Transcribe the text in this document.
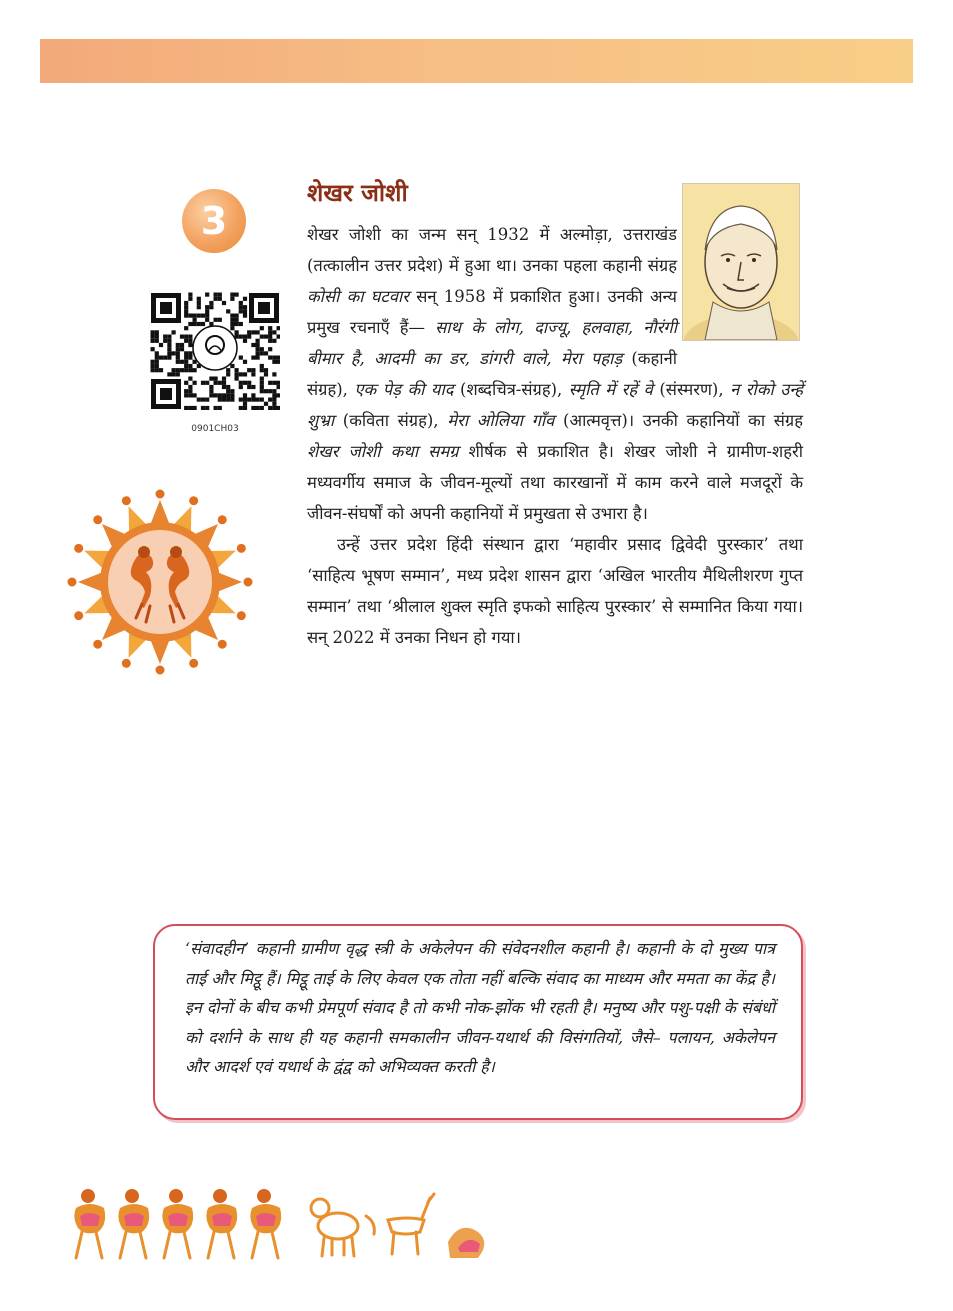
3
0901CH03
शेखर जोशी

शेखर जोशी का जन्म सन् 1932 में अल्मोड़ा, उत्तराखंड (तत्कालीन उत्तर प्रदेश) में हुआ था। उनका पहला कहानी संग्रह कोसी का घटवार सन् 1958 में प्रकाशित हुआ। उनकी अन्य प्रमुख रचनाएँ हैं— साथ के लोग, दाज्यू, हलवाहा, नौरंगी बीमार है, आदमी का डर, डांगरी वाले, मेरा पहाड़ (कहानी संग्रह), एक पेड़ की याद (शब्दचित्र-संग्रह), स्मृति में रहें वे (संस्मरण), न रोको उन्हें शुभ्रा (कविता संग्रह), मेरा ओलिया गाँव (आत्मवृत्त)। उनकी कहानियों का संग्रह शेखर जोशी कथा समग्र शीर्षक से प्रकाशित है। शेखर जोशी ने ग्रामीण-शहरी मध्यवर्गीय समाज के जीवन-मूल्यों तथा कारखानों में काम करने वाले मजदूरों के जीवन-संघर्षों को अपनी कहानियों में प्रमुखता से उभारा है।

उन्हें उत्तर प्रदेश हिंदी संस्थान द्वारा ‘महावीर प्रसाद द्विवेदी पुरस्कार’ तथा ‘साहित्य भूषण सम्मान’, मध्य प्रदेश शासन द्वारा ‘अखिल भारतीय मैथिलीशरण गुप्त सम्मान’ तथा ‘श्रीलाल शुक्ल स्मृति इफको साहित्य पुरस्कार’ से सम्मानित किया गया। सन् 2022 में उनका निधन हो गया।

‘संवादहीन’ कहानी ग्रामीण वृद्ध स्त्री के अकेलेपन की संवेदनशील कहानी है। कहानी के दो मुख्य पात्र ताई और मिट्ठू हैं। मिट्ठू ताई के लिए केवल एक तोता नहीं बल्कि संवाद का माध्यम और ममता का केंद्र है। इन दोनों के बीच कभी प्रेमपूर्ण संवाद है तो कभी नोक-झोंक भी रहती है। मनुष्य और पशु-पक्षी के संबंधों को दर्शाने के साथ ही यह कहानी समकालीन जीवन-यथार्थ की विसंगतियों, जैसे– पलायन, अकेलेपन और आदर्श एवं यथार्थ के द्वंद्व को अभिव्यक्त करती है।
